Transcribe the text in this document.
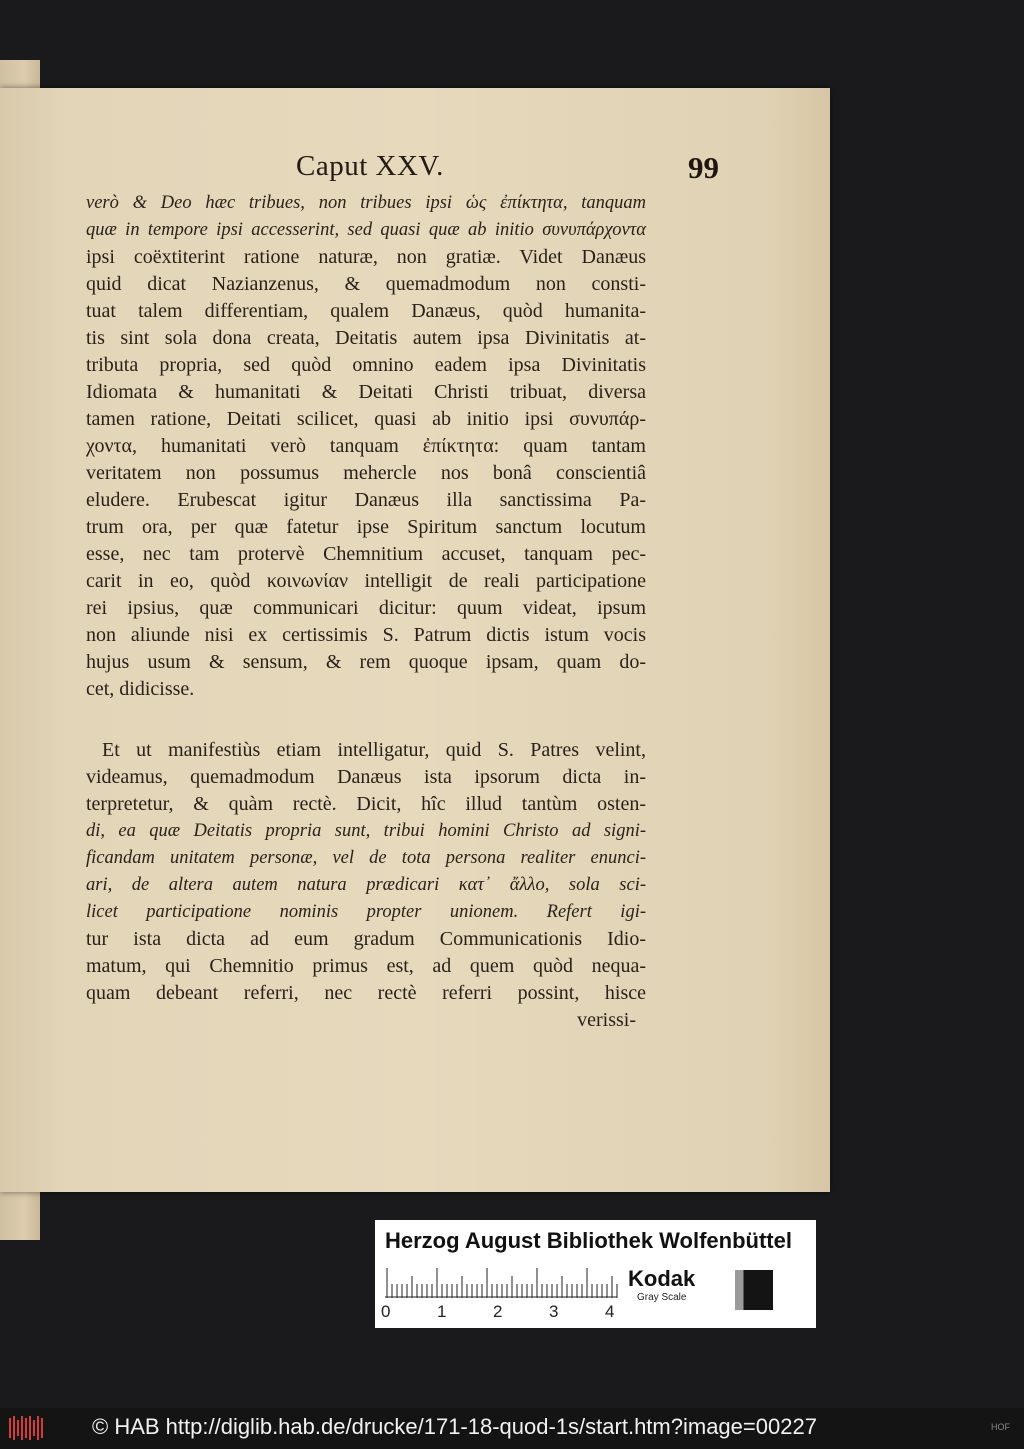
Caput XXV.	99
verò & Deo hæc tribues, non tribues ipsi ὡς ἐπίκτητα, tanquam
quæ in tempore ipsi accesserint, sed quasi quæ ab initio συνυπάρχοντα
ipsi coëxtiterint ratione naturæ, non gratiæ. Videt Danæus
quid dicat Nazianzenus, & quemadmodum non consti-
tuat talem differentiam, qualem Danæus, quòd humanita-
tis sint sola dona creata, Deitatis autem ipsa Divinitatis at-
tributa propria, sed quòd omnino eadem ipsa Divinitatis
Idiomata & humanitati & Deitati Christi tribuat, diversa
tamen ratione, Deitati scilicet, quasi ab initio ipsi συνυπάρ-
χοντα, humanitati verò tanquam ἐπίκτητα: quam tantam
veritatem non possumus mehercle nos bonâ conscientiâ
eludere. Erubescat igitur Danæus illa sanctissima Pa-
trum ora, per quæ fatetur ipse Spiritum sanctum locutum
esse, nec tam protervè Chemnitium accuset, tanquam pec-
carit in eo, quòd κοινωνίαν intelligit de reali participatione
rei ipsius, quæ communicari dicitur: quum videat, ipsum
non aliunde nisi ex certissimis S. Patrum dictis istum vocis
hujus usum & sensum, & rem quoque ipsam, quam do-
cet, didicisse.
Et ut manifestiùs etiam intelligatur, quid S. Patres velint,
videamus, quemadmodum Danæus ista ipsorum dicta in-
terpretetur, & quàm rectè. Dicit, hîc illud tantùm osten-
di, ea quæ Deitatis propria sunt, tribui homini Christo ad signi-
ficandam unitatem personæ, vel de tota persona realiter enunci-
ari, de altera autem natura prædicari κατ᾽ ἄλλο, sola sci-
licet participatione nominis propter unionem. Refert igi-
tur ista dicta ad eum gradum Communicationis Idio-
matum, qui Chemnitio primus est, ad quem quòd nequa-
quam debeant referri, nec rectè referri possint, hisce
verissi-
Herzog August Bibliothek Wolfenbüttel
0	1	2	3	4
Kodak
Gray Scale
© HAB http://diglib.hab.de/drucke/171-18-quod-1s/start.htm?image=00227	HOF
